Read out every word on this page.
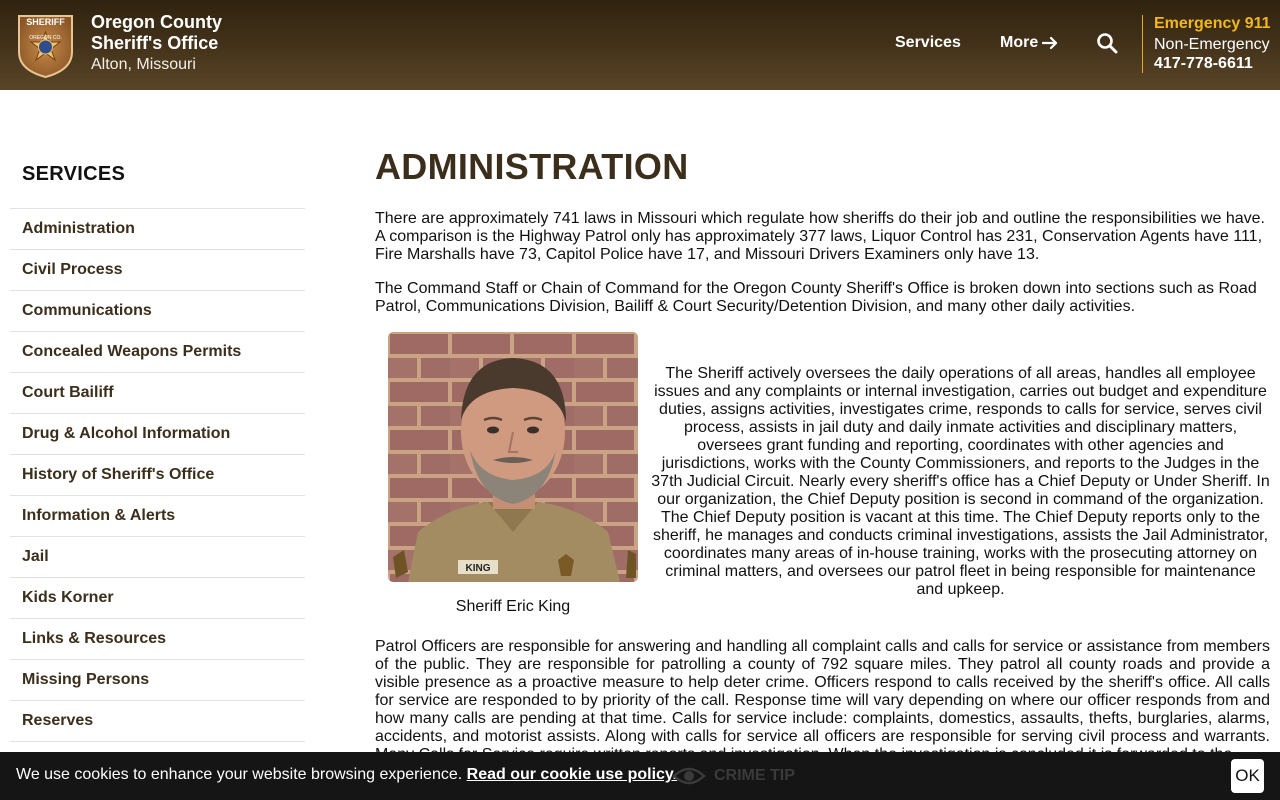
SHERIFF
OREGON CO.
Oregon County
Sheriff's Office
Alton, Missouri
Services More
Emergency 911
Non-Emergency
417-778-6611
SERVICES
Administration
Civil Process
Communications
Concealed Weapons Permits
Court Bailiff
Drug & Alcohol Information
History of Sheriff's Office
Information & Alerts
Jail
Kids Korner
Links & Resources
Missing Persons
Reserves
ADMINISTRATION

There are approximately 741 laws in Missouri which regulate how sheriffs do their job and outline the responsibilities we have. A comparison is the Highway Patrol only has approximately 377 laws, Liquor Control has 231, Conservation Agents have 111, Fire Marshalls have 73, Capitol Police have 17, and Missouri Drivers Examiners only have 13.

The Command Staff or Chain of Command for the Oregon County Sheriff's Office is broken down into sections such as Road Patrol, Communications Division, Bailiff & Court Security/Detention Division, and many other daily activities.

KING
Sheriff Eric King
The Sheriff actively oversees the daily operations of all areas, handles all employee issues and any complaints or internal investigation, carries out budget and expenditure duties, assigns activities, investigates crime, responds to calls for service, serves civil process, assists in jail duty and daily inmate activities and disciplinary matters, oversees grant funding and reporting, coordinates with other agencies and jurisdictions, works with the County Commissioners, and reports to the Judges in the 37th Judicial Circuit. Nearly every sheriff's office has a Chief Deputy or Under Sheriff. In our organization, the Chief Deputy position is second in command of the organization. The Chief Deputy position is vacant at this time. The Chief Deputy reports only to the sheriff, he manages and conducts criminal investigations, assists the Jail Administrator, coordinates many areas of in-house training, works with the prosecuting attorney on criminal matters, and oversees our patrol fleet in being responsible for maintenance and upkeep.

Patrol Officers are responsible for answering and handling all complaint calls and calls for service or assistance from members of the public. They are responsible for patrolling a county of 792 square miles. They patrol all county roads and provide a visible presence as a proactive measure to help deter crime. Officers respond to calls received by the sheriff's office. All calls for service are responded to by priority of the call. Response time will vary depending on where our officer responds from and how many calls are pending at that time. Calls for service include: complaints, domestics, assaults, thefts, burglaries, alarms, accidents, and motorist assists. Along with calls for service all officers are responsible for serving civil process and warrants.

We use cookies to enhance your website browsing experience. Read our cookie use policy. CRIME TIP	OK
